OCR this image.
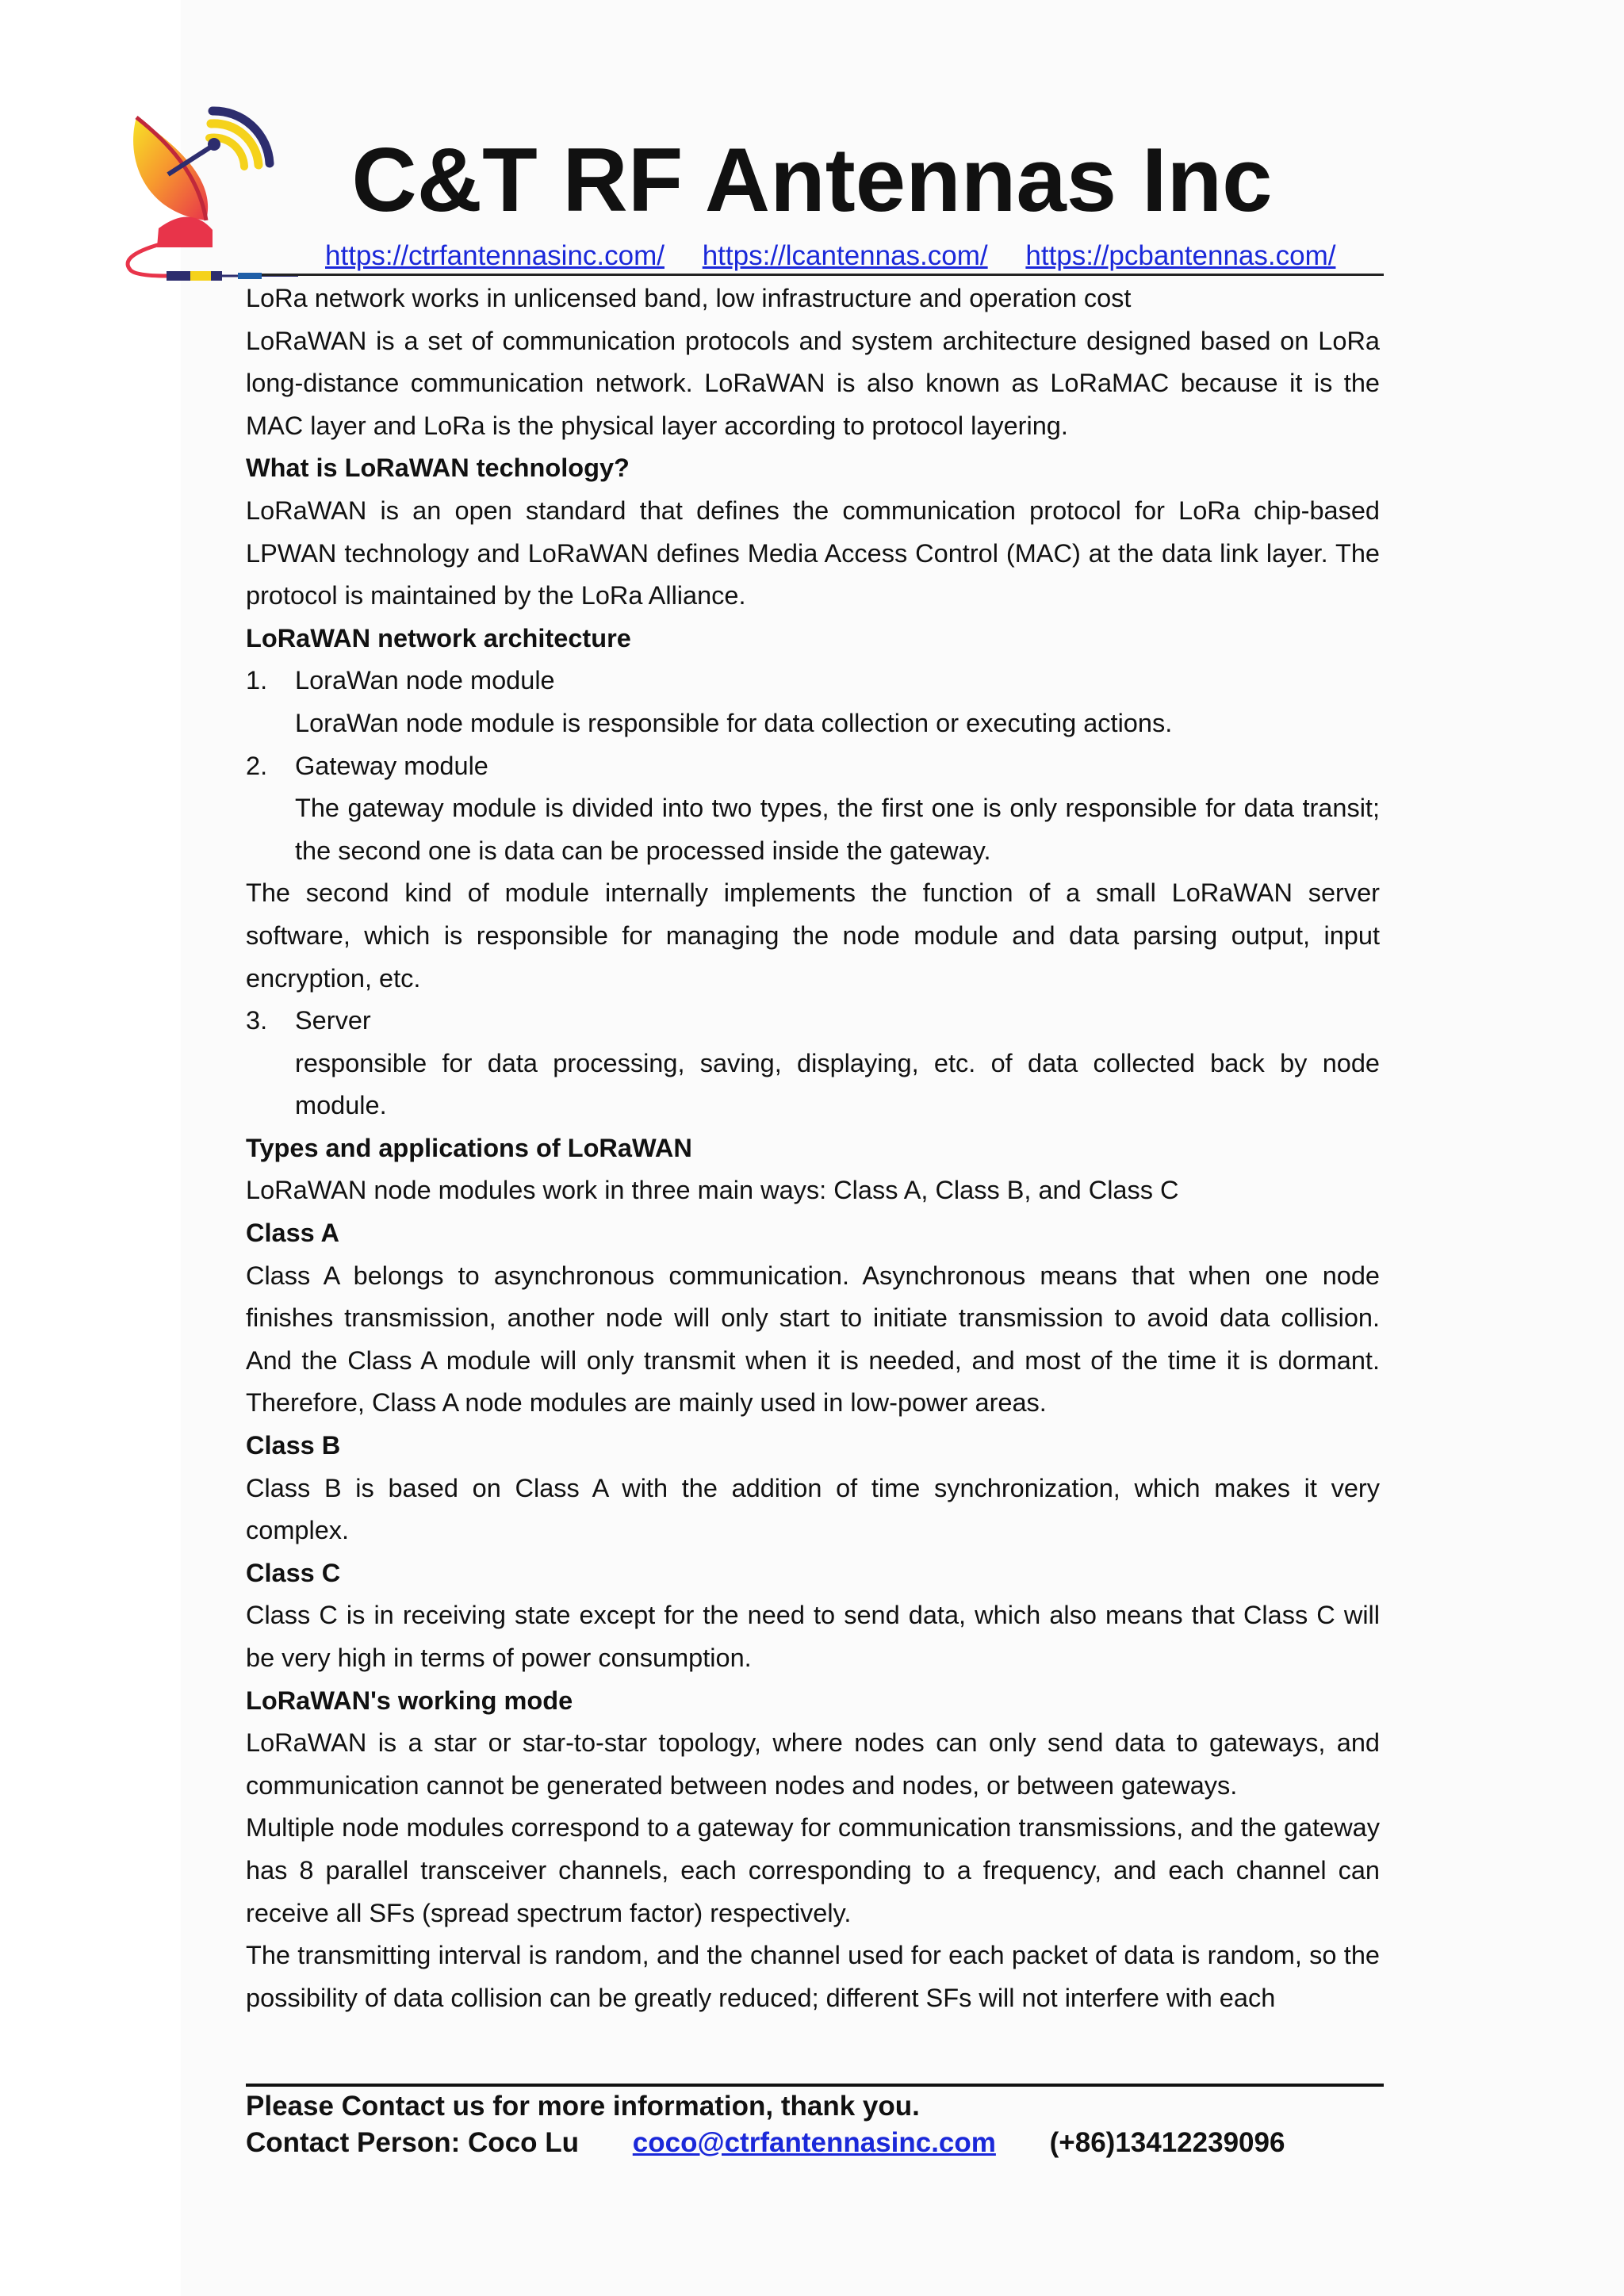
C&T RF Antennas Inc
https://ctrfantennasinc.com/ https://lcantennas.com/ https://pcbantennas.com/

LoRa network works in unlicensed band, low infrastructure and operation cost

LoRaWAN is a set of communication protocols and system architecture designed based on LoRa long-distance communication network. LoRaWAN is also known as LoRaMAC because it is the MAC layer and LoRa is the physical layer according to protocol layering.

What is LoRaWAN technology?

LoRaWAN is an open standard that defines the communication protocol for LoRa chip-based LPWAN technology and LoRaWAN defines Media Access Control (MAC) at the data link layer. The protocol is maintained by the LoRa Alliance.

LoRaWAN network architecture

1.	LoraWan node module

LoraWan node module is responsible for data collection or executing actions.

2.	Gateway module

The gateway module is divided into two types, the first one is only responsible for data transit; the second one is data can be processed inside the gateway.

The second kind of module internally implements the function of a small LoRaWAN server software, which is responsible for managing the node module and data parsing output, input encryption, etc.

3.	Server

responsible for data processing, saving, displaying, etc. of data collected back by node module.

Types and applications of LoRaWAN

LoRaWAN node modules work in three main ways: Class A, Class B, and Class C

Class A

Class A belongs to asynchronous communication. Asynchronous means that when one node finishes transmission, another node will only start to initiate transmission to avoid data collision. And the Class A module will only transmit when it is needed, and most of the time it is dormant. Therefore, Class A node modules are mainly used in low-power areas.

Class B

Class B is based on Class A with the addition of time synchronization, which makes it very complex.

Class C

Class C is in receiving state except for the need to send data, which also means that Class C will be very high in terms of power consumption.

LoRaWAN's working mode

LoRaWAN is a star or star-to-star topology, where nodes can only send data to gateways, and communication cannot be generated between nodes and nodes, or between gateways.

Multiple node modules correspond to a gateway for communication transmissions, and the gateway has 8 parallel transceiver channels, each corresponding to a frequency, and each channel can receive all SFs (spread spectrum factor) respectively.

The transmitting interval is random, and the channel used for each packet of data is random, so the possibility of data collision can be greatly reduced; different SFs will not interfere with each

Please Contact us for more information, thank you.
Contact Person: Coco Lu coco@ctrfantennasinc.com (+86)13412239096
